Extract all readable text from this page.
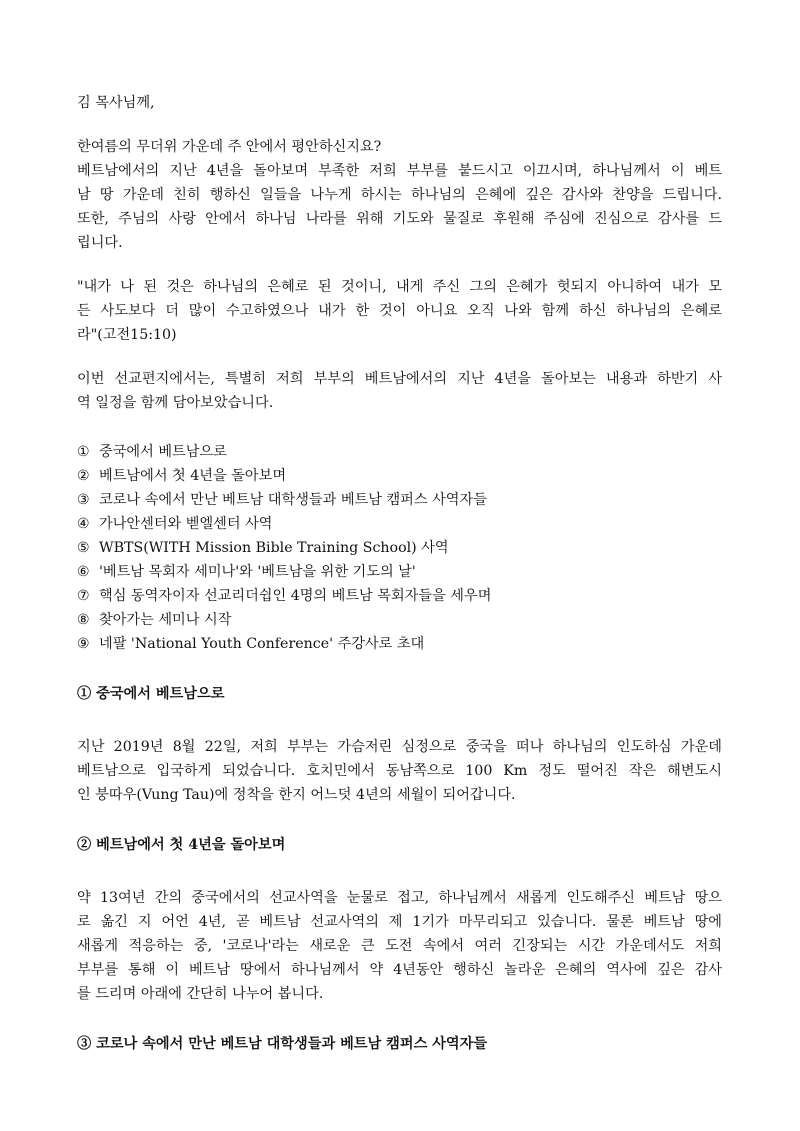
김 목사님께,
한여름의 무더위 가운데 주 안에서 평안하신지요?
베트남에서의 지난 4년을 돌아보며 부족한 저희 부부를 붙드시고 이끄시며, 하나님께서 이 베트
남 땅 가운데 친히 행하신 일들을 나누게 하시는 하나님의 은혜에 깊은 감사와 찬양을 드립니다.
또한, 주님의 사랑 안에서 하나님 나라를 위해 기도와 물질로 후원해 주심에 진심으로 감사를 드
립니다.
"내가 나 된 것은 하나님의 은혜로 된 것이니, 내게 주신 그의 은혜가 헛되지 아니하여 내가 모
든 사도보다 더 많이 수고하였으나 내가 한 것이 아니요 오직 나와 함께 하신 하나님의 은혜로
라"(고전15:10)
이번 선교편지에서는, 특별히 저희 부부의 베트남에서의 지난 4년을 돌아보는 내용과 하반기 사
역 일정을 함께 담아보았습니다.
① 중국에서 베트남으로
② 베트남에서 첫 4년을 돌아보며
③ 코로나 속에서 만난 베트남 대학생들과 베트남 캠퍼스 사역자들
④ 가나안센터와 벧엘센터 사역
⑤ WBTS(WITH Mission Bible Training School) 사역
⑥ '베트남 목회자 세미나'와 '베트남을 위한 기도의 날'
⑦ 핵심 동역자이자 선교리더쉽인 4명의 베트남 목회자들을 세우며
⑧ 찾아가는 세미나 시작
⑨ 네팔 'National Youth Conference' 주강사로 초대
① 중국에서 베트남으로
지난 2019년 8월 22일, 저희 부부는 가슴저린 심정으로 중국을 떠나 하나님의 인도하심 가운데
베트남으로 입국하게 되었습니다. 호치민에서 동남쪽으로 100 Km 정도 떨어진 작은 해변도시
인 붕따우(Vung Tau)에 정착을 한지 어느덧 4년의 세월이 되어갑니다.
② 베트남에서 첫 4년을 돌아보며
약 13여년 간의 중국에서의 선교사역을 눈물로 접고, 하나님께서 새롭게 인도해주신 베트남 땅으
로 옮긴 지 어언 4년, 곧 베트남 선교사역의 제 1기가 마무리되고 있습니다. 물론 베트남 땅에
새롭게 적응하는 중, '코로나'라는 새로운 큰 도전 속에서 여러 긴장되는 시간 가운데서도 저희
부부를 통해 이 베트남 땅에서 하나님께서 약 4년동안 행하신 놀라운 은혜의 역사에 깊은 감사
를 드리며 아래에 간단히 나누어 봅니다.
③ 코로나 속에서 만난 베트남 대학생들과 베트남 캠퍼스 사역자들
